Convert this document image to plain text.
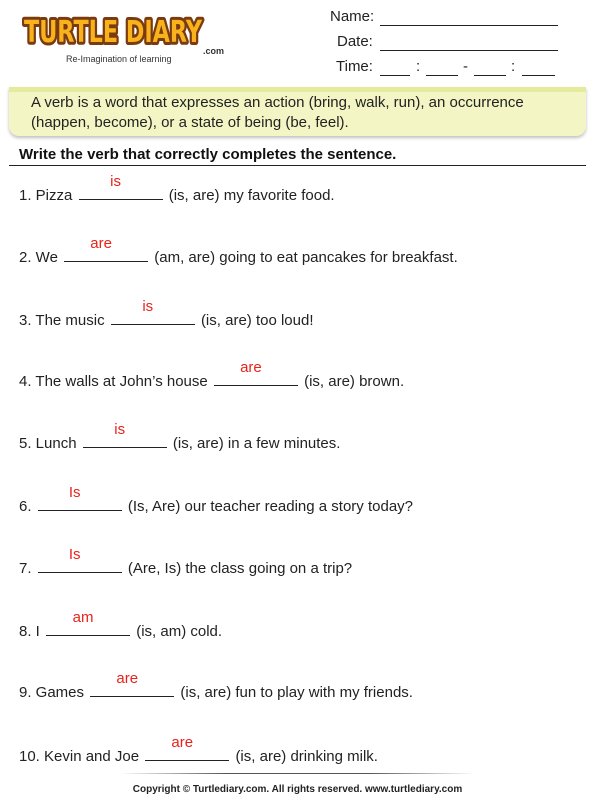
TURTLE DIARY
.com
Re-Imagination of learning
Name:
Date:
Time:	:	-	:
A verb is a word that expresses an action (bring, walk, run), an occurrence (happen, become), or a state of being (be, feel).
Write the verb that correctly completes the sentence.
1. Pizza
is
(is, are) my favorite food.
2. We
are
(am, are) going to eat pancakes for breakfast.
3. The music
is
(is, are) too loud!
4. The walls at John’s house
are
(is, are) brown.
5. Lunch
is
(is, are) in a few minutes.
6.
Is
(Is, Are) our teacher reading a story today?
7.
Is
(Are, Is) the class going on a trip?
8. I
am
(is, am) cold.
9. Games
are
(is, are) fun to play with my friends.
10. Kevin and Joe
are
(is, are) drinking milk.
Copyright © Turtlediary.com. All rights reserved. www.turtlediary.com
